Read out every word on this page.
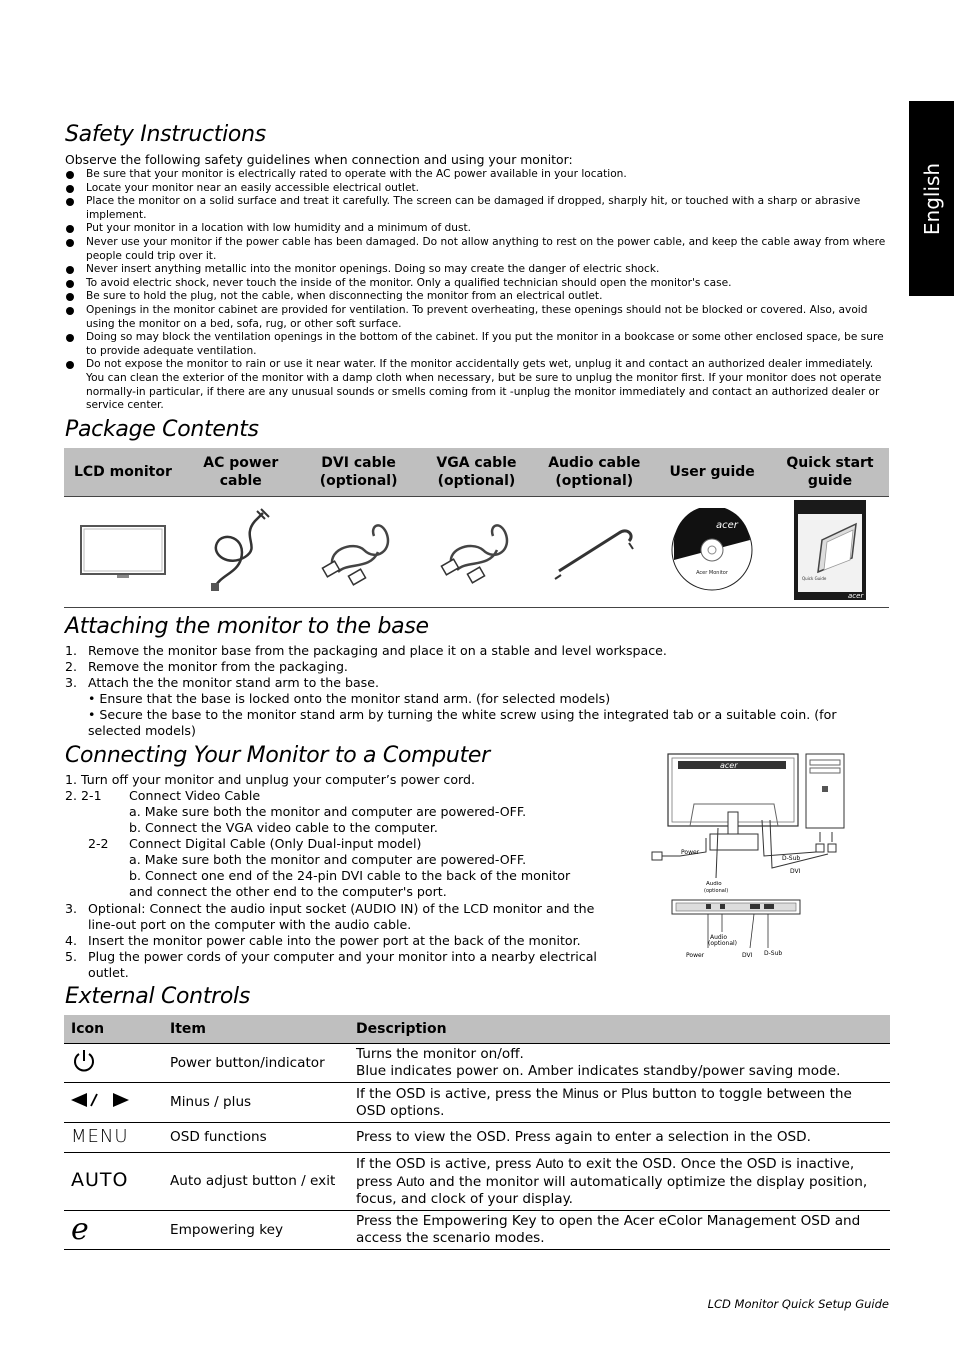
English
Safety Instructions
Observe the following safety guidelines when connection and using your monitor:
Be sure that your monitor is electrically rated to operate with the AC power available in your location.
Locate your monitor near an easily accessible electrical outlet.
Place the monitor on a solid surface and treat it carefully. The screen can be damaged if dropped, sharply hit, or touched with a sharp or abrasive implement.
Put your monitor in a location with low humidity and a minimum of dust.
Never use your monitor if the power cable has been damaged. Do not allow anything to rest on the power cable, and keep the cable away from where people could trip over it.
Never insert anything metallic into the monitor openings. Doing so may create the danger of electric shock.
To avoid electric shock, never touch the inside of the monitor. Only a qualified technician should open the monitor's case.
Be sure to hold the plug, not the cable, when disconnecting the monitor from an electrical outlet.
Openings in the monitor cabinet are provided for ventilation. To prevent overheating, these openings should not be blocked or covered. Also, avoid using the monitor on a bed, sofa, rug, or other soft surface.
Doing so may block the ventilation openings in the bottom of the cabinet. If you put the monitor in a bookcase or some other enclosed space, be sure to provide adequate ventilation.
Do not expose the monitor to rain or use it near water. If the monitor accidentally gets wet, unplug it and contact an authorized dealer immediately. You can clean the exterior of the monitor with a damp cloth when necessary, but be sure to unplug the monitor first. If your monitor does not operate normally-in particular, if there are any unusual sounds or smells coming from it -unplug the monitor immediately and contact an authorized dealer or service center.
Package Contents
LCD monitor	AC power cable	DVI cable (optional)	VGA cable (optional)	Audio cable (optional)	User guide	Quick start guide

acer
Acer Monitor	Quick Guide
acer
Attaching the monitor to the base
1. Remove the monitor base from the packaging and place it on a stable and level workspace.
2. Remove the monitor from the packaging.
3. Attach the the monitor stand arm to the base.
• Ensure that the base is locked onto the monitor stand arm. (for selected models)
• Secure the base to the monitor stand arm by turning the white screw using the integrated tab or a suitable coin. (for selected models)
Connecting Your Monitor to a Computer
1. Turn off your monitor and unplug your computer’s power cord.
2. 2-1 Connect Video Cable
a. Make sure both the monitor and computer are powered-OFF.
b. Connect the VGA video cable to the computer.
2-2 Connect Digital Cable (Only Dual-input model)
a. Make sure both the monitor and computer are powered-OFF.
b. Connect one end of the 24-pin DVI cable to the back of the monitor
and connect the other end to the computer's port.
3. Optional: Connect the audio input socket (AUDIO IN) of the LCD monitor and the line-out port on the computer with the audio cable.
4. Insert the monitor power cable into the power port at the back of the monitor.
5. Plug the power cords of your computer and your monitor into a nearby electrical outlet.
acer
Power
D-Sub
DVI
Audio
(optional)
Audio
(optional)
Power	DVI D-Sub
External Controls
Icon	Item	Description
	Power button/indicator	Turns the monitor on/off.
Blue indicates power on. Amber indicates standby/power saving mode.
	Minus / plus	If the OSD is active, press the Minus or Plus button to toggle between the OSD options.
MENU	OSD functions	Press to view the OSD. Press again to enter a selection in the OSD.
AUTO	Auto adjust button / exit	If the OSD is active, press Auto to exit the OSD. Once the OSD is inactive, press Auto and the monitor will automatically optimize the display position, focus, and clock of your display.
e	Empowering key	Press the Empowering Key to open the Acer eColor Management OSD and access the scenario modes.
LCD Monitor Quick Setup Guide
